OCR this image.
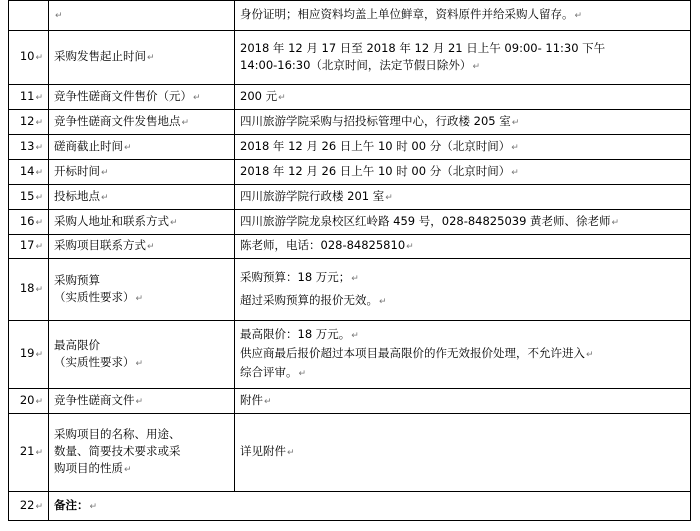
	↵	身份证明；相应资料均盖上单位鲜章，资料原件并给采购人留存。↵

10↵	采购发售起止时间↵	2018 年 12 月 17 日至 2018 年 12 月 21 日上午 09:00- 11:30 下午
14:00-16:30（北京时间，法定节假日除外）↵

11↵	竞争性磋商文件售价（元）↵	200 元↵

12↵	竞争性磋商文件发售地点↵	四川旅游学院采购与招投标管理中心，行政楼 205 室↵

13↵	磋商截止时间↵	2018 年 12 月 26 日上午 10 时 00 分（北京时间）↵

14↵	开标时间↵	2018 年 12 月 26 日上午 10 时 00 分（北京时间）↵

15↵	投标地点↵	四川旅游学院行政楼 201 室↵

16↵	采购人地址和联系方式↵	四川旅游学院龙泉校区红岭路 459 号，028-84825039 黄老师、徐老师↵

17↵	采购项目联系方式↵	陈老师，电话：028-84825810↵

18↵	采购预算
（实质性要求）↵	采购预算：18 万元；↵
超过采购预算的报价无效。↵

19↵	最高限价
（实质性要求）↵	最高限价：18 万元。↵
供应商最后报价超过本项目最高限价的作无效报价处理，不允许进入↵
综合评审。↵

20↵	竞争性磋商文件↵	附件↵

21↵	采购项目的名称、用途、
数量、简要技术要求或采
购项目的性质↵	详见附件↵

22↵	备注：↵	
